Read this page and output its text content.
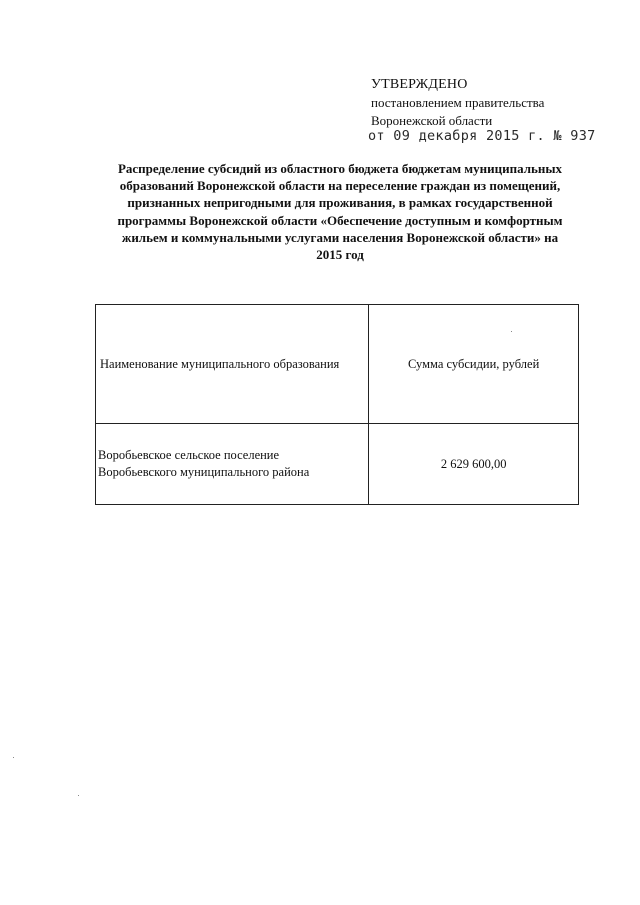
УТВЕРЖДЕНО
постановлением правительства
Воронежской области
от 09 декабря 2015 г. № 937
Распределение субсидий из областного бюджета бюджетам муниципальных
образований Воронежской области на переселение граждан из помещений,
признанных непригодными для проживания, в рамках государственной
программы Воронежской области «Обеспечение доступным и комфортным
жильем и коммунальными услугами населения Воронежской области» на
2015 год
Наименование муниципального образования	Сумма субсидии, рублей

Воробьевское сельское поселение
Воробьевского муниципального района	2 629 600,00
